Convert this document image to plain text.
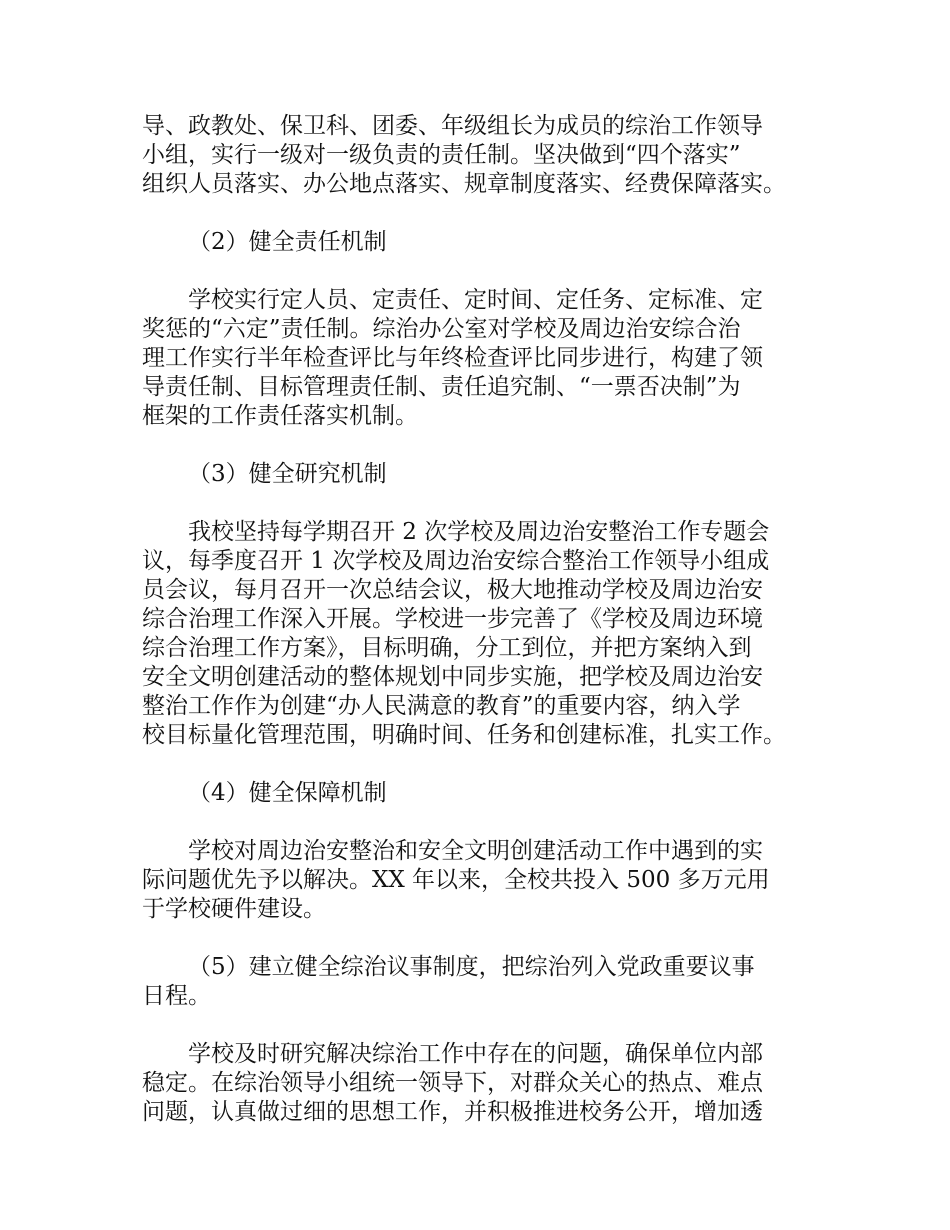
导、政教处、保卫科、团委、年级组长为成员的综治工作领导
小组，实行一级对一级负责的责任制。坚决做到“四个落实”
组织人员落实、办公地点落实、规章制度落实、经费保障落实。
（2）健全责任机制
学校实行定人员、定责任、定时间、定任务、定标准、定
奖惩的“六定”责任制。综治办公室对学校及周边治安综合治
理工作实行半年检查评比与年终检查评比同步进行，构建了领
导责任制、目标管理责任制、责任追究制、“一票否决制”为
框架的工作责任落实机制。
（3）健全研究机制
我校坚持每学期召开 2 次学校及周边治安整治工作专题会
议，每季度召开 1 次学校及周边治安综合整治工作领导小组成
员会议，每月召开一次总结会议，极大地推动学校及周边治安
综合治理工作深入开展。学校进一步完善了《学校及周边环境
综合治理工作方案》，目标明确，分工到位，并把方案纳入到
安全文明创建活动的整体规划中同步实施，把学校及周边治安
整治工作作为创建“办人民满意的教育”的重要内容，纳入学
校目标量化管理范围，明确时间、任务和创建标准，扎实工作。
（4）健全保障机制
学校对周边治安整治和安全文明创建活动工作中遇到的实
际问题优先予以解决。XX 年以来，全校共投入 500 多万元用
于学校硬件建设。
（5）建立健全综治议事制度，把综治列入党政重要议事
日程。
学校及时研究解决综治工作中存在的问题，确保单位内部
稳定。在综治领导小组统一领导下，对群众关心的热点、难点
问题，认真做过细的思想工作，并积极推进校务公开，增加透
